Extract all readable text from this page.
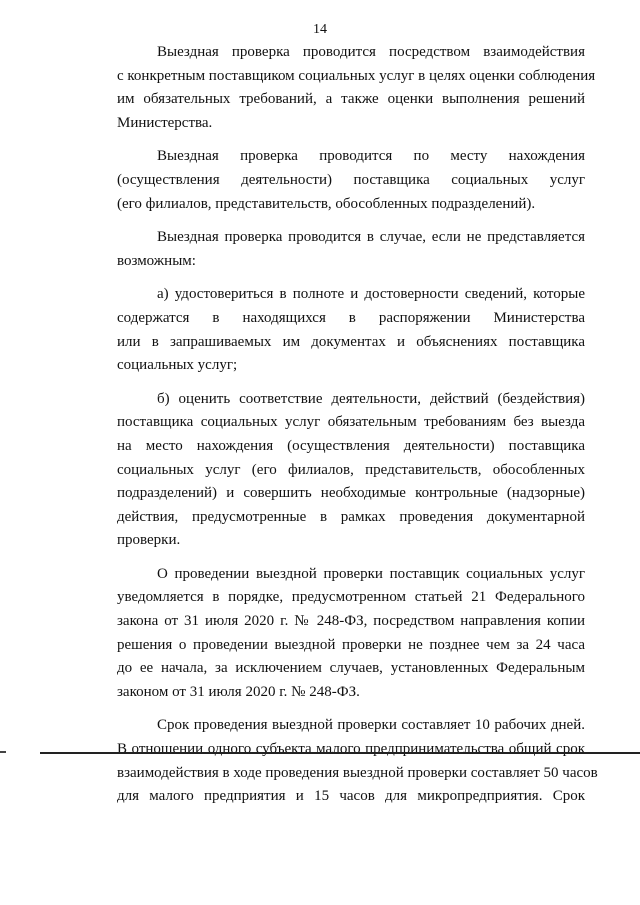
14

Выездная проверка проводится посредством взаимодействия
с конкретным поставщиком социальных услуг в целях оценки соблюдения
им обязательных требований, а также оценки выполнения решений
Министерства.

Выездная проверка проводится по месту нахождения
(осуществления деятельности) поставщика социальных услуг
(его филиалов, представительств, обособленных подразделений).

Выездная проверка проводится в случае, если не представляется
возможным:

а) удостовериться в полноте и достоверности сведений, которые
содержатся в находящихся в распоряжении Министерства
или в запрашиваемых им документах и объяснениях поставщика
социальных услуг;

б) оценить соответствие деятельности, действий (бездействия)
поставщика социальных услуг обязательным требованиям без выезда
на место нахождения (осуществления деятельности) поставщика
социальных услуг (его филиалов, представительств, обособленных
подразделений) и совершить необходимые контрольные (надзорные)
действия, предусмотренные в рамках проведения документарной
проверки.

О проведении выездной проверки поставщик социальных услуг
уведомляется в порядке, предусмотренном статьей 21 Федерального
закона от 31 июля 2020 г. № 248-ФЗ, посредством направления копии
решения о проведении выездной проверки не позднее чем за 24 часа
до ее начала, за исключением случаев, установленных Федеральным
законом от 31 июля 2020 г. № 248-ФЗ.

Срок проведения выездной проверки составляет 10 рабочих дней.
В отношении одного субъекта малого предпринимательства общий срок
взаимодействия в ходе проведения выездной проверки составляет 50 часов
для малого предприятия и 15 часов для микропредприятия. Срок
